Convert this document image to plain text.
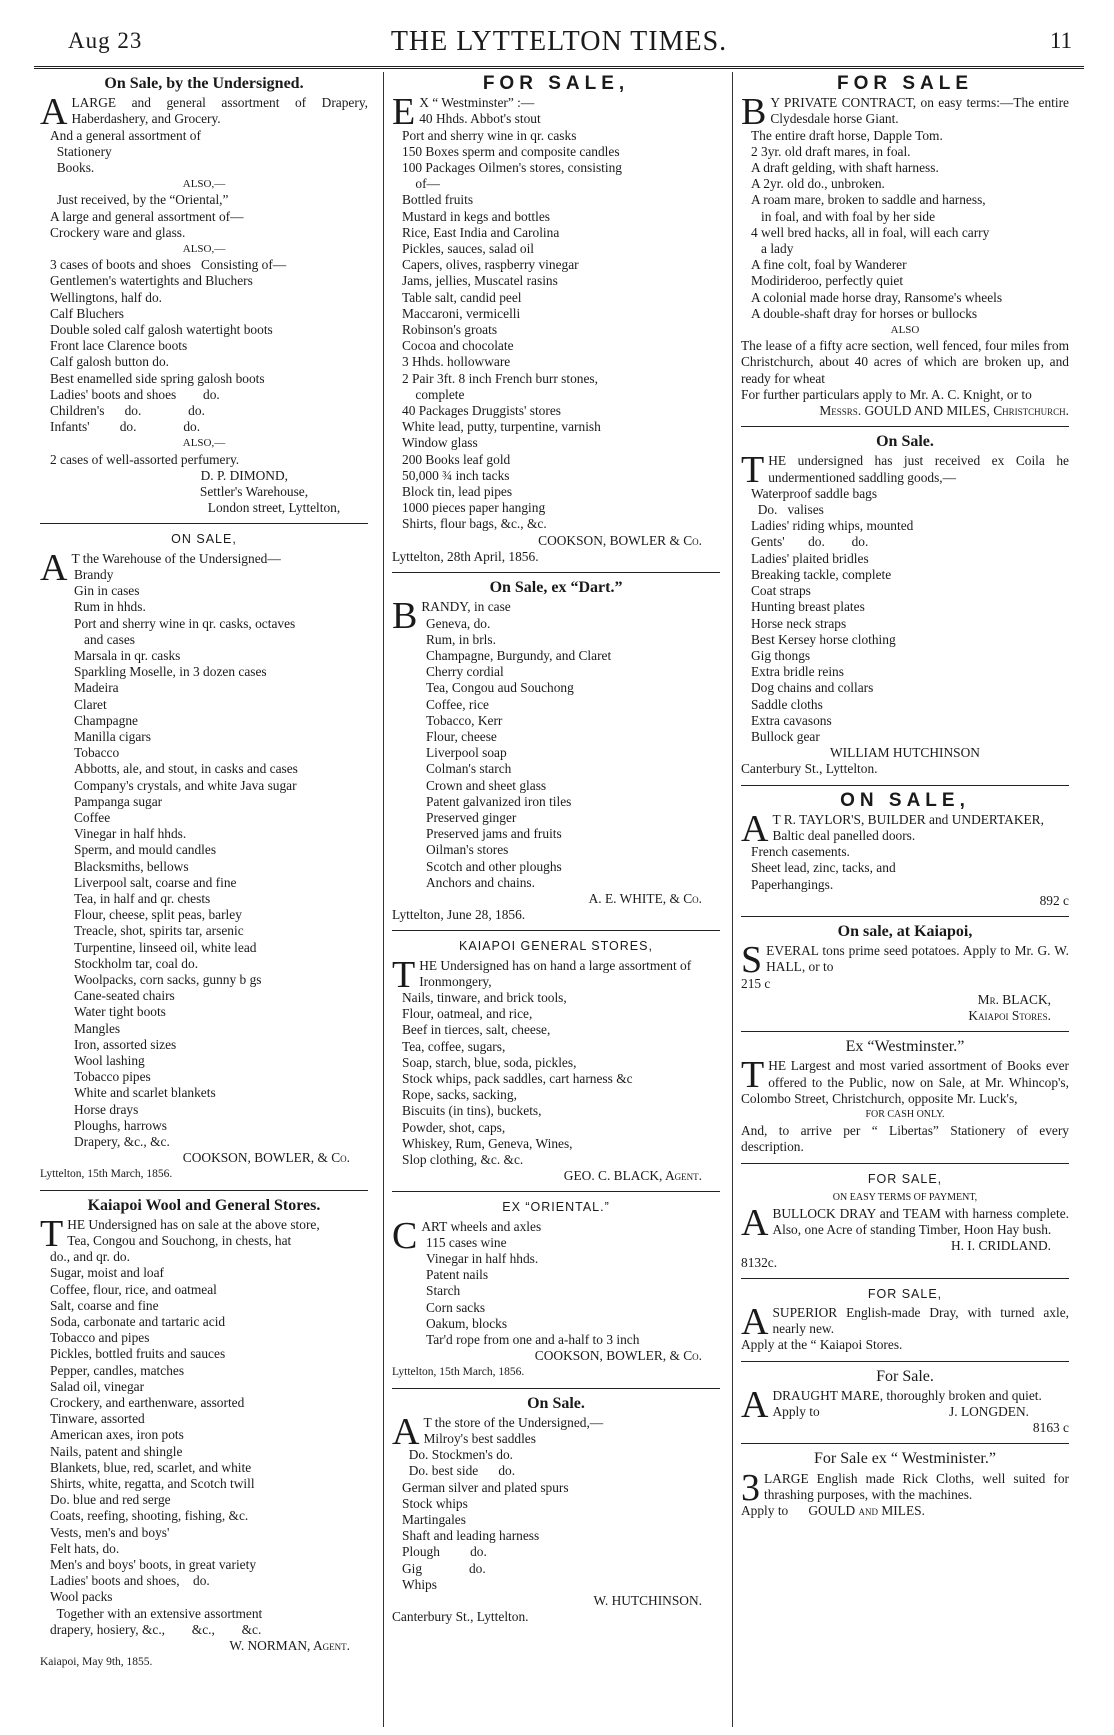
Aug 23	THE LYTTELTON TIMES.	11
On Sale, by the Undersigned.
ALARGE and general assortment of Drapery, Haberdashery, and Grocery.
And a general assortment of
Stationery
Books.
ALSO,—
Just received, by the “Oriental,”
A large and general assortment of—
Crockery ware and glass.
ALSO,—
3 cases of boots and shoes   Consisting of—
Gentlemen's watertights and Bluchers
Wellingtons, half do.
Calf Bluchers
Double soled calf galosh watertight boots
Front lace Clarence boots
Calf galosh button do.
Best enamelled side spring galosh boots
Ladies' boots and shoes        do.
Children's      do.              do.
Infants'         do.              do.
ALSO,—
2 cases of well-assorted perfumery.
D. P. DIMOND,
Settler's Warehouse,
London street, Lyttelton,
ON SALE,
A T the Warehouse of the Undersigned—
Brandy
Gin in cases
Rum in hhds.
Port and sherry wine in qr. casks, octaves
and cases
Marsala in qr. casks
Sparkling Moselle, in 3 dozen cases
Madeira
Claret
Champagne
Manilla cigars
Tobacco
Abbotts, ale, and stout, in casks and cases
Company's crystals, and white Java sugar
Pampanga sugar
Coffee
Vinegar in half hhds.
Sperm, and mould candles
Blacksmiths, bellows
Liverpool salt, coarse and fine
Tea, in half and qr. chests
Flour, cheese, split peas, barley
Treacle, shot, spirits tar, arsenic
Turpentine, linseed oil, white lead
Stockholm tar, coal do.
Woolpacks, corn sacks, gunny b gs
Cane-seated chairs
Water tight boots
Mangles
Iron, assorted sizes
Wool lashing
Tobacco pipes
White and scarlet blankets
Horse drays
Ploughs, harrows
Drapery, &c., &c.
COOKSON, BOWLER, & Co.
Lyttelton, 15th March, 1856.
Kaiapoi Wool and General Stores.
THE Undersigned has on sale at the above store,
Tea, Congou and Souchong, in chests, hat
do., and qr. do.
Sugar, moist and loaf
Coffee, flour, rice, and oatmeal
Salt, coarse and fine
Soda, carbonate and tartaric acid
Tobacco and pipes
Pickles, bottled fruits and sauces
Pepper, candles, matches
Salad oil, vinegar
Crockery, and earthenware, assorted
Tinware, assorted
American axes, iron pots
Nails, patent and shingle
Blankets, blue, red, scarlet, and white
Shirts, white, regatta, and Scotch twill
Do. blue and red serge
Coats, reefing, shooting, fishing, &c.
Vests, men's and boys'
Felt hats, do.
Men's and boys' boots, in great variety
Ladies' boots and shoes,    do.
Wool packs
Together with an extensive assortment
drapery, hosiery, &c.,        &c.,        &c.
W. NORMAN, Agent.
Kaiapoi, May 9th, 1855.
FOR SALE,
E X “ Westminster” :—
40 Hhds. Abbot's stout
Port and sherry wine in qr. casks
150 Boxes sperm and composite candles
100 Packages Oilmen's stores, consisting
of—
Bottled fruits
Mustard in kegs and bottles
Rice, East India and Carolina
Pickles, sauces, salad oil
Capers, olives, raspberry vinegar
Jams, jellies, Muscatel rasins
Table salt, candid peel
Maccaroni, vermicelli
Robinson's groats
Cocoa and chocolate
3 Hhds. hollowware
2 Pair 3ft. 8 inch French burr stones,
complete
40 Packages Druggists' stores
White lead, putty, turpentine, varnish
Window glass
200 Books leaf gold
50,000 ¾ inch tacks
Block tin, lead pipes
1000 pieces paper hanging
Shirts, flour bags, &c., &c.
COOKSON, BOWLER & Co.
Lyttelton, 28th April, 1856.
On Sale, ex “Dart.”
BRANDY, in case
Geneva, do.
Rum, in brls.
Champagne, Burgundy, and Claret
Cherry cordial
Tea, Congou aud Souchong
Coffee, rice
Tobacco, Kerr
Flour, cheese
Liverpool soap
Colman's starch
Crown and sheet glass
Patent galvanized iron tiles
Preserved ginger
Preserved jams and fruits
Oilman's stores
Scotch and other ploughs
Anchors and chains.
A. E. WHITE, & Co.
Lyttelton, June 28, 1856.
KAIAPOI GENERAL STORES,
THE Undersigned has on hand a large assortment of
Ironmongery,
Nails, tinware, and brick tools,
Flour, oatmeal, and rice,
Beef in tierces, salt, cheese,
Tea, coffee, sugars,
Soap, starch, blue, soda, pickles,
Stock whips, pack saddles, cart harness &c
Rope, sacks, sacking,
Biscuits (in tins), buckets,
Powder, shot, caps,
Whiskey, Rum, Geneva, Wines,
Slop clothing, &c. &c.
GEO. C. BLACK, Agent.
EX “ORIENTAL.”
CART wheels and axles
115 cases wine
Vinegar in half hhds.
Patent nails
Starch
Corn sacks
Oakum, blocks
Tar'd rope from one and a-half to 3 inch
COOKSON, BOWLER, & Co.
Lyttelton, 15th March, 1856.
On Sale.
A T the store of the Undersigned,—
Milroy's best saddles
Do. Stockmen's do.
Do. best side      do.
German silver and plated spurs
Stock whips
Martingales
Shaft and leading harness
Plough         do.
Gig              do.
Whips
W. HUTCHINSON.
Canterbury St., Lyttelton.
FOR SALE
B Y PRIVATE CONTRACT, on easy terms:—The entire Clydesdale horse Giant.
The entire draft horse, Dapple Tom.
2 3yr. old draft mares, in foal.
A draft gelding, with shaft harness.
A 2yr. old do., unbroken.
A roam mare, broken to saddle and harness,
in foal, and with foal by her side
4 well bred hacks, all in foal, will each carry
a lady
A fine colt, foal by Wanderer
Modirideroo, perfectly quiet
A colonial made horse dray, Ransome's wheels
A double-shaft dray for horses or bullocks
ALSO
The lease of a fifty acre section, well fenced, four miles from Christchurch, about 40 acres of which are broken up, and ready for wheat
For further particulars apply to Mr. A. C. Knight, or to
Messrs. GOULD AND MILES, Christchurch.
On Sale.
THE undersigned has just received ex Coila he undermentioned saddling goods,—
Waterproof saddle bags
Do.   valises
Ladies' riding whips, mounted
Gents'       do.        do.
Ladies' plaited bridles
Breaking tackle, complete
Coat straps
Hunting breast plates
Horse neck straps
Best Kersey horse clothing
Gig thongs
Extra bridle reins
Dog chains and collars
Saddle cloths
Extra cavasons
Bullock gear
WILLIAM HUTCHINSON
Canterbury St., Lyttelton.
ON SALE,
A T R. TAYLOR'S, BUILDER and UNDERTAKER,
Baltic deal panelled doors.
French casements.
Sheet lead, zinc, tacks, and
Paperhangings.
892 c
On sale, at Kaiapoi,
SEVERAL tons prime seed potatoes. Apply to Mr. G. W. HALL, or to
215 c
Mr. BLACK,
Kaiapoi Stores.
Ex “Westminster.”
THE Largest and most varied assortment of Books ever offered to the Public, now on Sale, at Mr. Whincop's, Colombo Street, Christchurch, opposite Mr. Luck's,
FOR CASH ONLY.
And, to arrive per “ Libertas” Stationery of every description.
FOR SALE,
ON EASY TERMS OF PAYMENT,
ABULLOCK DRAY and TEAM with harness complete. Also, one Acre of standing Timber, Hoon Hay bush.
H. I. CRIDLAND.
8132c.
FOR SALE,
ASUPERIOR English-made Dray, with turned axle, nearly new.
Apply at the “ Kaiapoi Stores.
For Sale.
ADRAUGHT MARE, thoroughly broken and quiet.
Apply to	J. LONGDEN.
8163 c
For Sale ex “ Westminister.”
3 LARGE English made Rick Cloths, well suited for thrashing purposes, with the machines.
Apply to GOULD and MILES.
